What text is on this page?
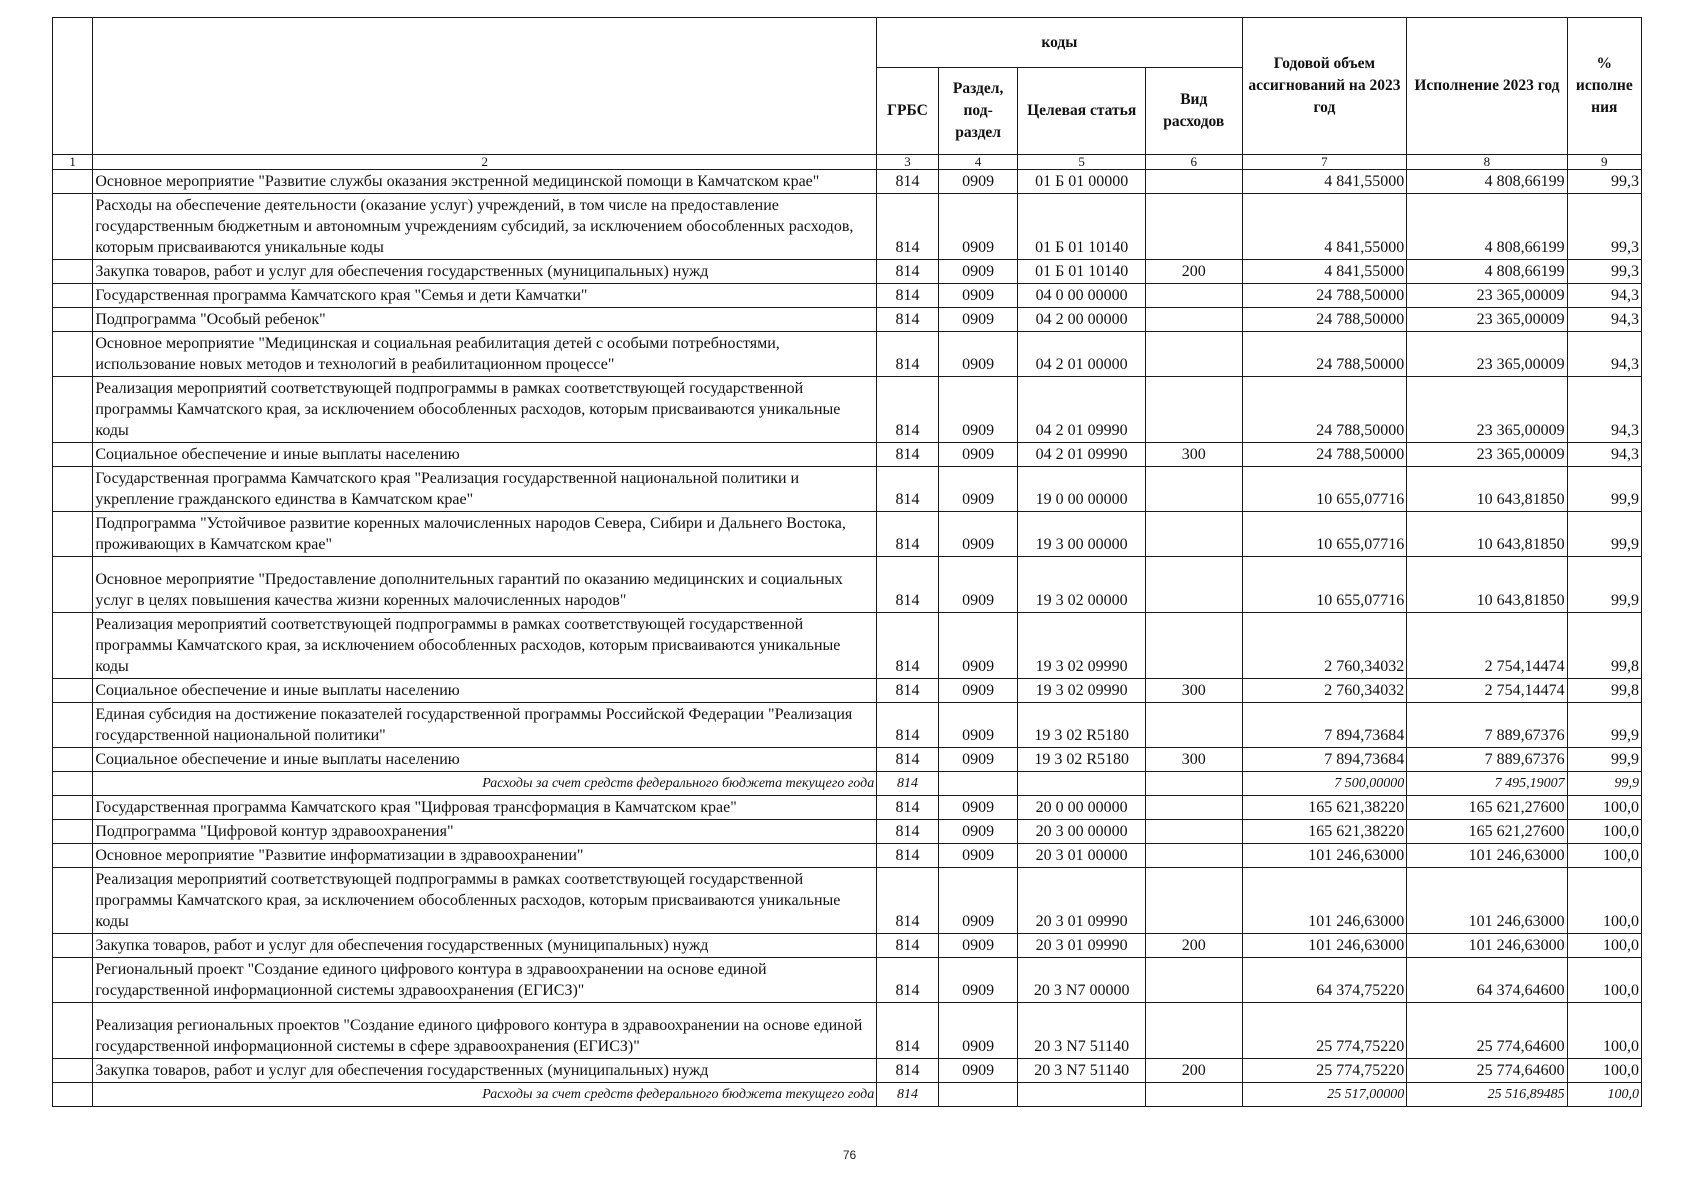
		коды				Годовой объем ассигнований на 2023 год	Исполнение 2023 год	% исполне ния
		ГРБС	Раздел, под-раздел	Целевая статья	Вид расходов			
1	2	3	4	5	6	7	8	9
	Основное мероприятие "Развитие службы оказания экстренной медицинской помощи в Камчатском крае"	814	0909	01 Б 01 00000		4 841,55000	4 808,66199	99,3
	Расходы на обеспечение деятельности (оказание услуг) учреждений, в том числе на предоставление государственным бюджетным и автономным учреждениям субсидий, за исключением обособленных расходов, которым присваиваются уникальные коды	814	0909	01 Б 01 10140		4 841,55000	4 808,66199	99,3
	Закупка товаров, работ и услуг для обеспечения государственных (муниципальных) нужд	814	0909	01 Б 01 10140	200	4 841,55000	4 808,66199	99,3
	Государственная программа Камчатского края "Семья и дети Камчатки"	814	0909	04 0 00 00000		24 788,50000	23 365,00009	94,3
	Подпрограмма "Особый ребенок"	814	0909	04 2 00 00000		24 788,50000	23 365,00009	94,3
	Основное мероприятие "Медицинская и социальная реабилитация детей с особыми потребностями, использование новых методов и технологий в реабилитационном процессе"	814	0909	04 2 01 00000		24 788,50000	23 365,00009	94,3
	Реализация мероприятий соответствующей подпрограммы в рамках соответствующей государственной программы Камчатского края, за исключением обособленных расходов, которым присваиваются уникальные коды	814	0909	04 2 01 09990		24 788,50000	23 365,00009	94,3
	Социальное обеспечение и иные выплаты населению	814	0909	04 2 01 09990	300	24 788,50000	23 365,00009	94,3
	Государственная программа Камчатского края "Реализация государственной национальной политики и укрепление гражданского единства в Камчатском крае"	814	0909	19 0 00 00000		10 655,07716	10 643,81850	99,9
	Подпрограмма "Устойчивое развитие коренных малочисленных народов Севера, Сибири и Дальнего Востока, проживающих в Камчатском крае"	814	0909	19 3 00 00000		10 655,07716	10 643,81850	99,9
	Основное мероприятие "Предоставление дополнительных гарантий по оказанию медицинских и социальных услуг в целях повышения качества жизни коренных малочисленных народов"	814	0909	19 3 02 00000		10 655,07716	10 643,81850	99,9
	Реализация мероприятий соответствующей подпрограммы в рамках соответствующей государственной программы Камчатского края, за исключением обособленных расходов, которым присваиваются уникальные коды	814	0909	19 3 02 09990		2 760,34032	2 754,14474	99,8
	Социальное обеспечение и иные выплаты населению	814	0909	19 3 02 09990	300	2 760,34032	2 754,14474	99,8
	Единая субсидия на достижение показателей государственной программы Российской Федерации "Реализация государственной национальной политики"	814	0909	19 3 02 R5180		7 894,73684	7 889,67376	99,9
	Социальное обеспечение и иные выплаты населению	814	0909	19 3 02 R5180	300	7 894,73684	7 889,67376	99,9
	Расходы за счет средств федерального бюджета текущего года	814				7 500,00000	7 495,19007	99,9
	Государственная программа Камчатского края "Цифровая трансформация в Камчатском крае"	814	0909	20 0 00 00000		165 621,38220	165 621,27600	100,0
	Подпрограмма "Цифровой контур здравоохранения"	814	0909	20 3 00 00000		165 621,38220	165 621,27600	100,0
	Основное мероприятие "Развитие информатизации в здравоохранении"	814	0909	20 3 01 00000		101 246,63000	101 246,63000	100,0
	Реализация мероприятий соответствующей подпрограммы в рамках соответствующей государственной программы Камчатского края, за исключением обособленных расходов, которым присваиваются уникальные коды	814	0909	20 3 01 09990		101 246,63000	101 246,63000	100,0
	Закупка товаров, работ и услуг для обеспечения государственных (муниципальных) нужд	814	0909	20 3 01 09990	200	101 246,63000	101 246,63000	100,0
	Региональный проект "Создание единого цифрового контура в здравоохранении на основе единой государственной информационной системы здравоохранения (ЕГИСЗ)"	814	0909	20 3 N7 00000		64 374,75220	64 374,64600	100,0
	Реализация региональных проектов "Создание единого цифрового контура в здравоохранении на основе единой государственной информационной системы в сфере здравоохранения (ЕГИСЗ)"	814	0909	20 3 N7 51140		25 774,75220	25 774,64600	100,0
	Закупка товаров, работ и услуг для обеспечения государственных (муниципальных) нужд	814	0909	20 3 N7 51140	200	25 774,75220	25 774,64600	100,0
	Расходы за счет средств федерального бюджета текущего года	814				25 517,00000	25 516,89485	100,0
76
